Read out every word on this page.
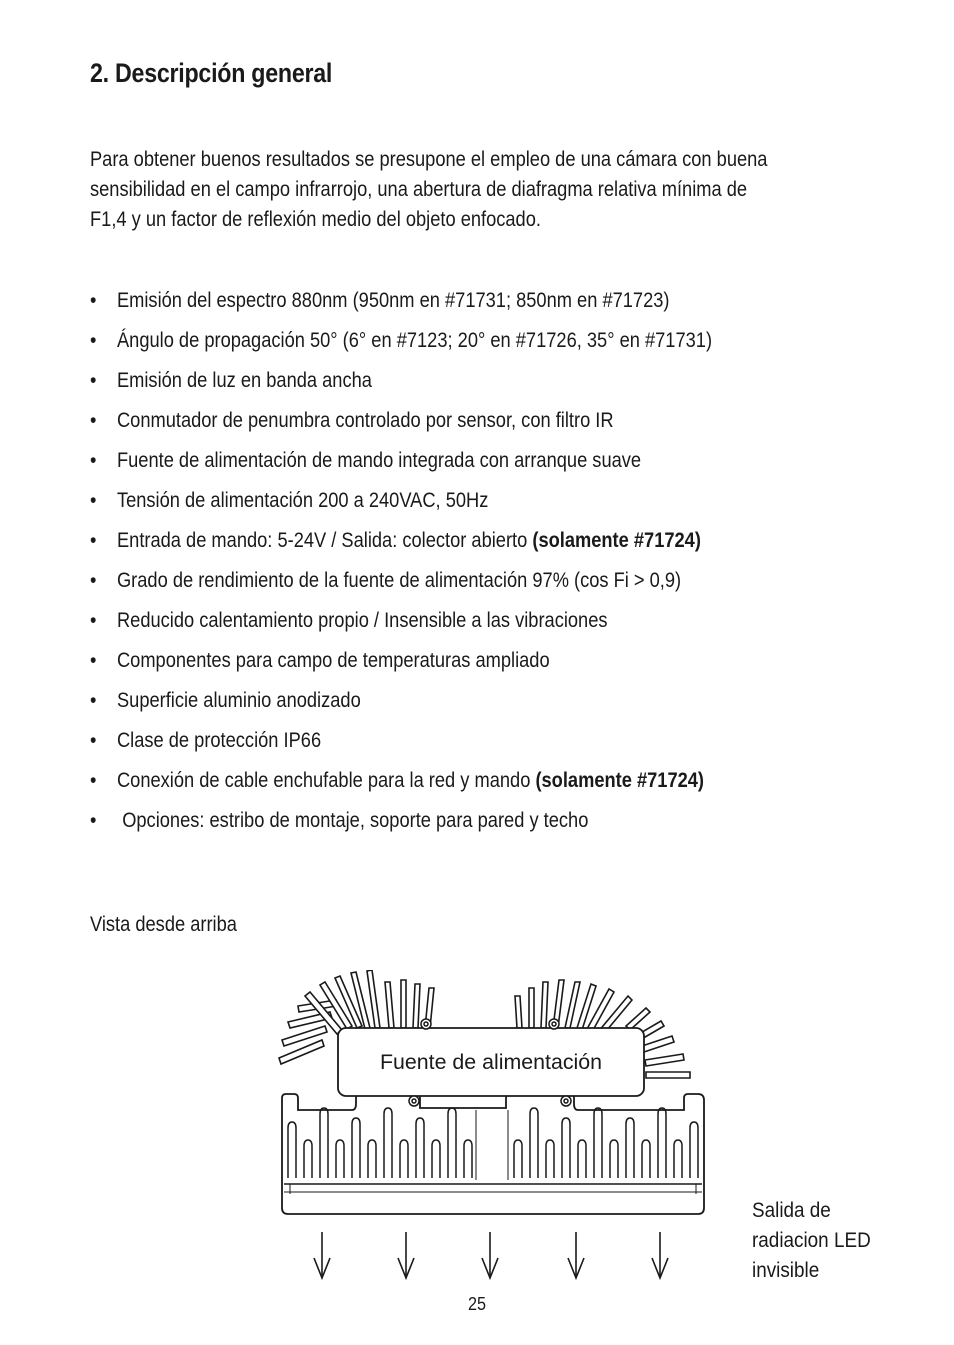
2. Descripción general
Para obtener buenos resultados se presupone el empleo de una cámara con buena
sensibilidad en el campo infrarrojo, una abertura de diafragma relativa mínima de
F1,4 y un factor de reflexión medio del objeto enfocado.
• Emisión del espectro 880nm (950nm en #71731; 850nm en #71723)
• Ángulo de propagación 50° (6° en #7123; 20° en #71726, 35° en #71731)
• Emisión de luz en banda ancha
• Conmutador de penumbra controlado por sensor, con filtro IR
• Fuente de alimentación de mando integrada con arranque suave
• Tensión de alimentación 200 a 240VAC, 50Hz
• Entrada de mando: 5-24V / Salida: colector abierto (solamente #71724)
• Grado de rendimiento de la fuente de alimentación 97% (cos Fi > 0,9)
• Reducido calentamiento propio / Insensible a las vibraciones
• Componentes para campo de temperaturas ampliado
• Superficie aluminio anodizado
• Clase de protección IP66
• Conexión de cable enchufable para la red y mando (solamente #71724)
• Opciones: estribo de montaje, soporte para pared y techo
Vista desde arriba
Fuente de alimentación
Salida de
radiacion LED
invisible
25
